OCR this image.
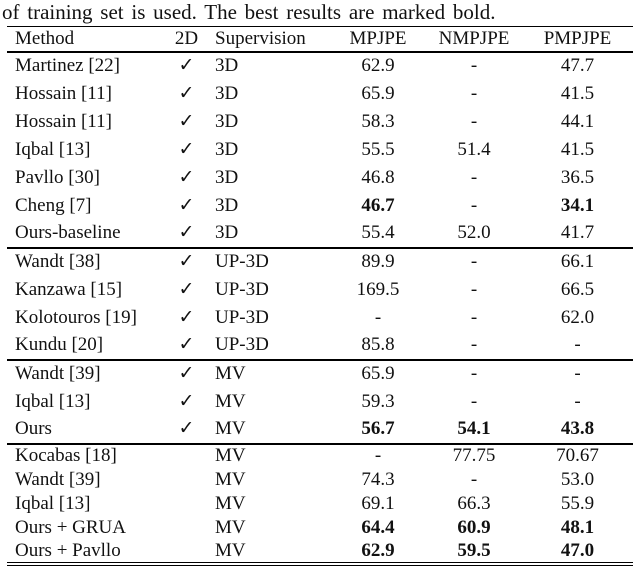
of training set is used. The best results are marked bold.
Method	2D	Supervision	MPJPE	NMPJPE	PMPJPE
Martinez [22]	✓	3D	62.9	-	47.7
Hossain [11]	✓	3D	65.9	-	41.5
Hossain [11]	✓	3D	58.3	-	44.1
Iqbal [13]	✓	3D	55.5	51.4	41.5
Pavllo [30]	✓	3D	46.8	-	36.5
Cheng [7]	✓	3D	46.7	-	34.1
Ours-baseline	✓	3D	55.4	52.0	41.7
Wandt [38]	✓	UP-3D	89.9	-	66.1
Kanzawa [15]	✓	UP-3D	169.5	-	66.5
Kolotouros [19]	✓	UP-3D	-	-	62.0
Kundu [20]	✓	UP-3D	85.8	-	-
Wandt [39]	✓	MV	65.9	-	-
Iqbal [13]	✓	MV	59.3	-	-
Ours	✓	MV	56.7	54.1	43.8
Kocabas [18]		MV	-	77.75	70.67
Wandt [39]		MV	74.3	-	53.0
Iqbal [13]		MV	69.1	66.3	55.9
Ours + GRUA		MV	64.4	60.9	48.1
Ours + Pavllo		MV	62.9	59.5	47.0
